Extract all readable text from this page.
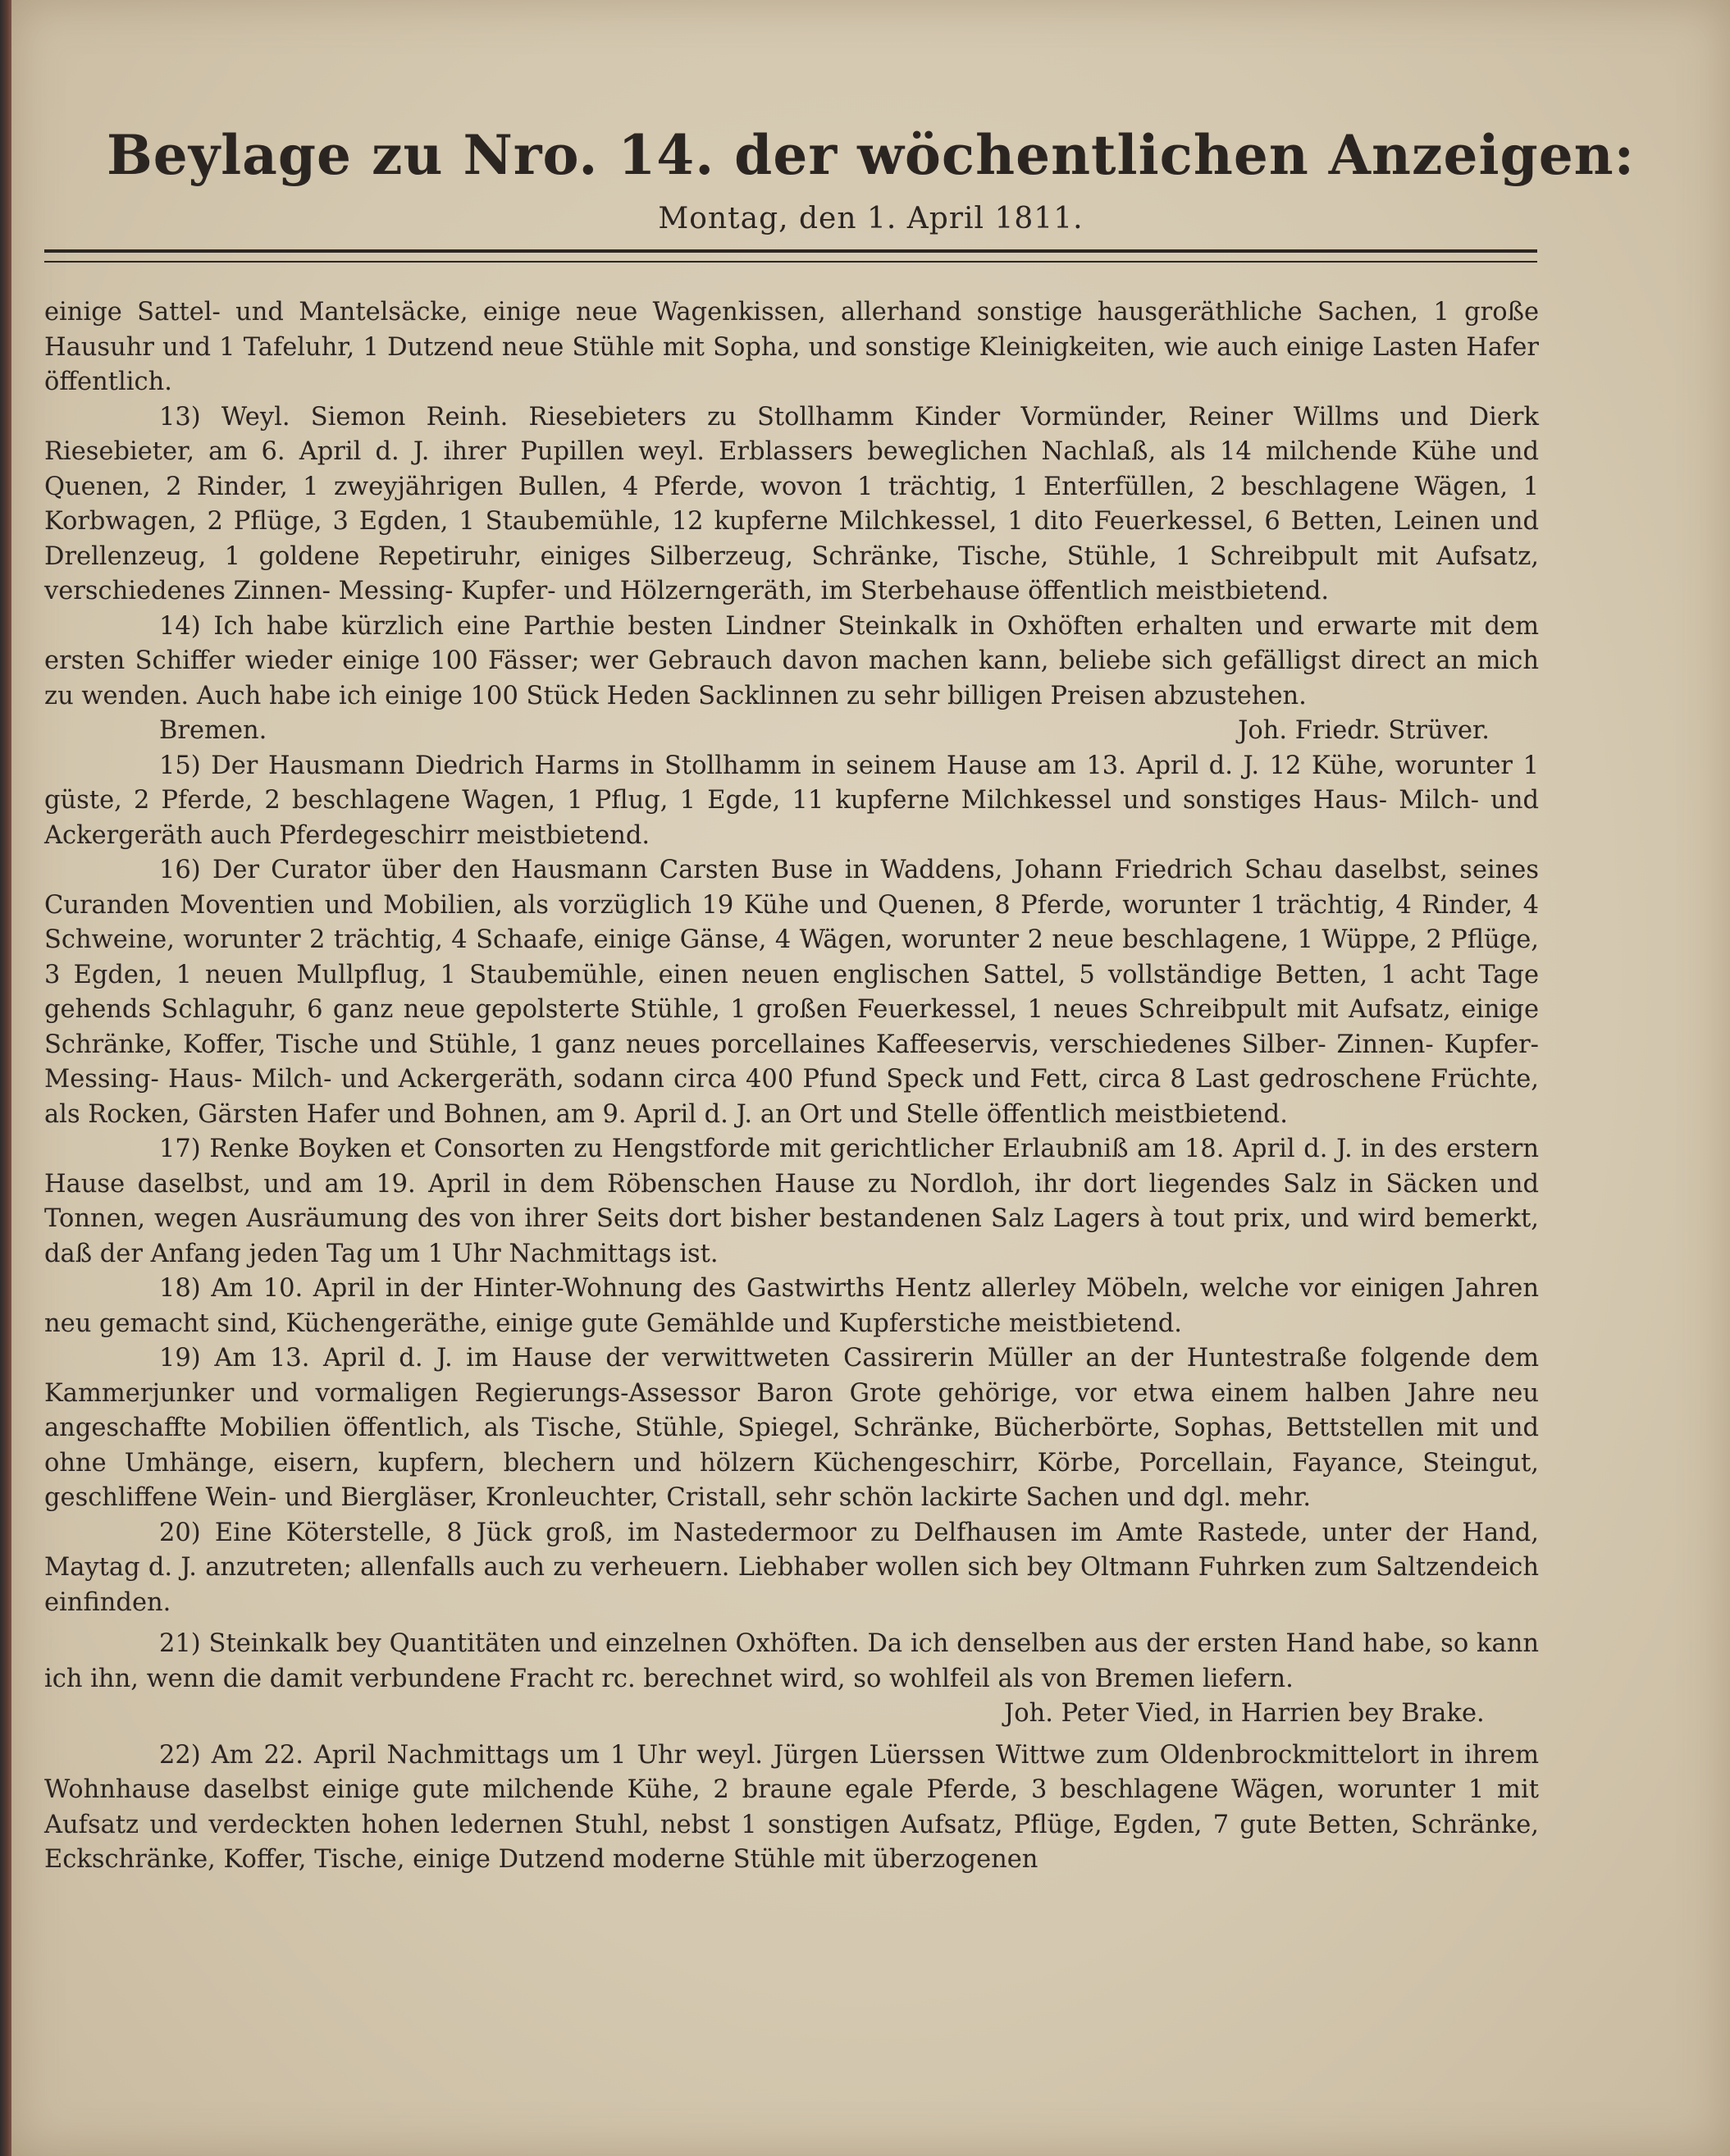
Beylage zu Nro. 14. der wöchentlichen Anzeigen:
Montag, den 1. April 1811.

einige Sattel- und Mantelsäcke, einige neue Wagenkissen, allerhand sonstige hausgeräthliche Sachen, 1 große Hausuhr und 1 Tafeluhr, 1 Dutzend neue Stühle mit Sopha, und sonstige Kleinigkeiten, wie auch einige Lasten Hafer öffentlich.

13) Weyl. Siemon Reinh. Riesebieters zu Stollhamm Kinder Vormünder, Reiner Willms und Dierk Riesebieter, am 6. April d. J. ihrer Pupillen weyl. Erblassers beweglichen Nachlaß, als 14 milchende Kühe und Quenen, 2 Rinder, 1 zweyjährigen Bullen, 4 Pferde, wovon 1 trächtig, 1 Enterfüllen, 2 beschlagene Wägen, 1 Korbwagen, 2 Pflüge, 3 Egden, 1 Staubemühle, 12 kupferne Milchkessel, 1 dito Feuerkessel, 6 Betten, Leinen und Drellenzeug, 1 goldene Repetiruhr, einiges Silberzeug, Schränke, Tische, Stühle, 1 Schreibpult mit Aufsatz, verschiedenes Zinnen- Messing- Kupfer- und Hölzerngeräth, im Sterbehause öffentlich meistbietend.

14) Ich habe kürzlich eine Parthie besten Lindner Steinkalk in Oxhöften erhalten und erwarte mit dem ersten Schiffer wieder einige 100 Fässer; wer Gebrauch davon machen kann, beliebe sich gefälligst direct an mich zu wenden. Auch habe ich einige 100 Stück Heden Sacklinnen zu sehr billigen Preisen abzustehen.

Bremen.	Joh. Friedr. Strüver.

15) Der Hausmann Diedrich Harms in Stollhamm in seinem Hause am 13. April d. J. 12 Kühe, worunter 1 güste, 2 Pferde, 2 beschlagene Wagen, 1 Pflug, 1 Egde, 11 kupferne Milchkessel und sonstiges Haus- Milch- und Ackergeräth auch Pferdegeschirr meistbietend.

16) Der Curator über den Hausmann Carsten Buse in Waddens, Johann Friedrich Schau daselbst, seines Curanden Moventien und Mobilien, als vorzüglich 19 Kühe und Quenen, 8 Pferde, worunter 1 trächtig, 4 Rinder, 4 Schweine, worunter 2 trächtig, 4 Schaafe, einige Gänse, 4 Wägen, worunter 2 neue beschlagene, 1 Wüppe, 2 Pflüge, 3 Egden, 1 neuen Mullpflug, 1 Staubemühle, einen neuen englischen Sattel, 5 vollständige Betten, 1 acht Tage gehends Schlaguhr, 6 ganz neue gepolsterte Stühle, 1 großen Feuerkessel, 1 neues Schreibpult mit Aufsatz, einige Schränke, Koffer, Tische und Stühle, 1 ganz neues porcellaines Kaffeeservis, verschiedenes Silber- Zinnen- Kupfer- Messing- Haus- Milch- und Ackergeräth, sodann circa 400 Pfund Speck und Fett, circa 8 Last gedroschene Früchte, als Rocken, Gärsten Hafer und Bohnen, am 9. April d. J. an Ort und Stelle öffentlich meistbietend.

17) Renke Boyken et Consorten zu Hengstforde mit gerichtlicher Erlaubniß am 18. April d. J. in des erstern Hause daselbst, und am 19. April in dem Röbenschen Hause zu Nordloh, ihr dort liegendes Salz in Säcken und Tonnen, wegen Ausräumung des von ihrer Seits dort bisher bestandenen Salz Lagers à tout prix, und wird bemerkt, daß der Anfang jeden Tag um 1 Uhr Nachmittags ist.

18) Am 10. April in der Hinter-Wohnung des Gastwirths Hentz allerley Möbeln, welche vor einigen Jahren neu gemacht sind, Küchengeräthe, einige gute Gemählde und Kupferstiche meistbietend.

19) Am 13. April d. J. im Hause der verwittweten Cassirerin Müller an der Huntestraße folgende dem Kammerjunker und vormaligen Regierungs-Assessor Baron Grote gehörige, vor etwa einem halben Jahre neu angeschaffte Mobilien öffentlich, als Tische, Stühle, Spiegel, Schränke, Bücherbörte, Sophas, Bettstellen mit und ohne Umhänge, eisern, kupfern, blechern und hölzern Küchengeschirr, Körbe, Porcellain, Fayance, Steingut, geschliffene Wein- und Biergläser, Kronleuchter, Cristall, sehr schön lackirte Sachen und dgl. mehr.

20) Eine Köterstelle, 8 Jück groß, im Nastedermoor zu Delfhausen im Amte Rastede, unter der Hand, Maytag d. J. anzutreten; allenfalls auch zu verheuern. Liebhaber wollen sich bey Oltmann Fuhrken zum Saltzendeich einfinden.

21) Steinkalk bey Quantitäten und einzelnen Oxhöften. Da ich denselben aus der ersten Hand habe, so kann ich ihn, wenn die damit verbundene Fracht rc. berechnet wird, so wohlfeil als von Bremen liefern.

Joh. Peter Vied, in Harrien bey Brake.

22) Am 22. April Nachmittags um 1 Uhr weyl. Jürgen Lüerssen Wittwe zum Oldenbrockmittelort in ihrem Wohnhause daselbst einige gute milchende Kühe, 2 braune egale Pferde, 3 beschlagene Wägen, worunter 1 mit Aufsatz und verdeckten hohen ledernen Stuhl, nebst 1 sonstigen Aufsatz, Pflüge, Egden, 7 gute Betten, Schränke, Eckschränke, Koffer, Tische, einige Dutzend moderne Stühle mit überzogenen
